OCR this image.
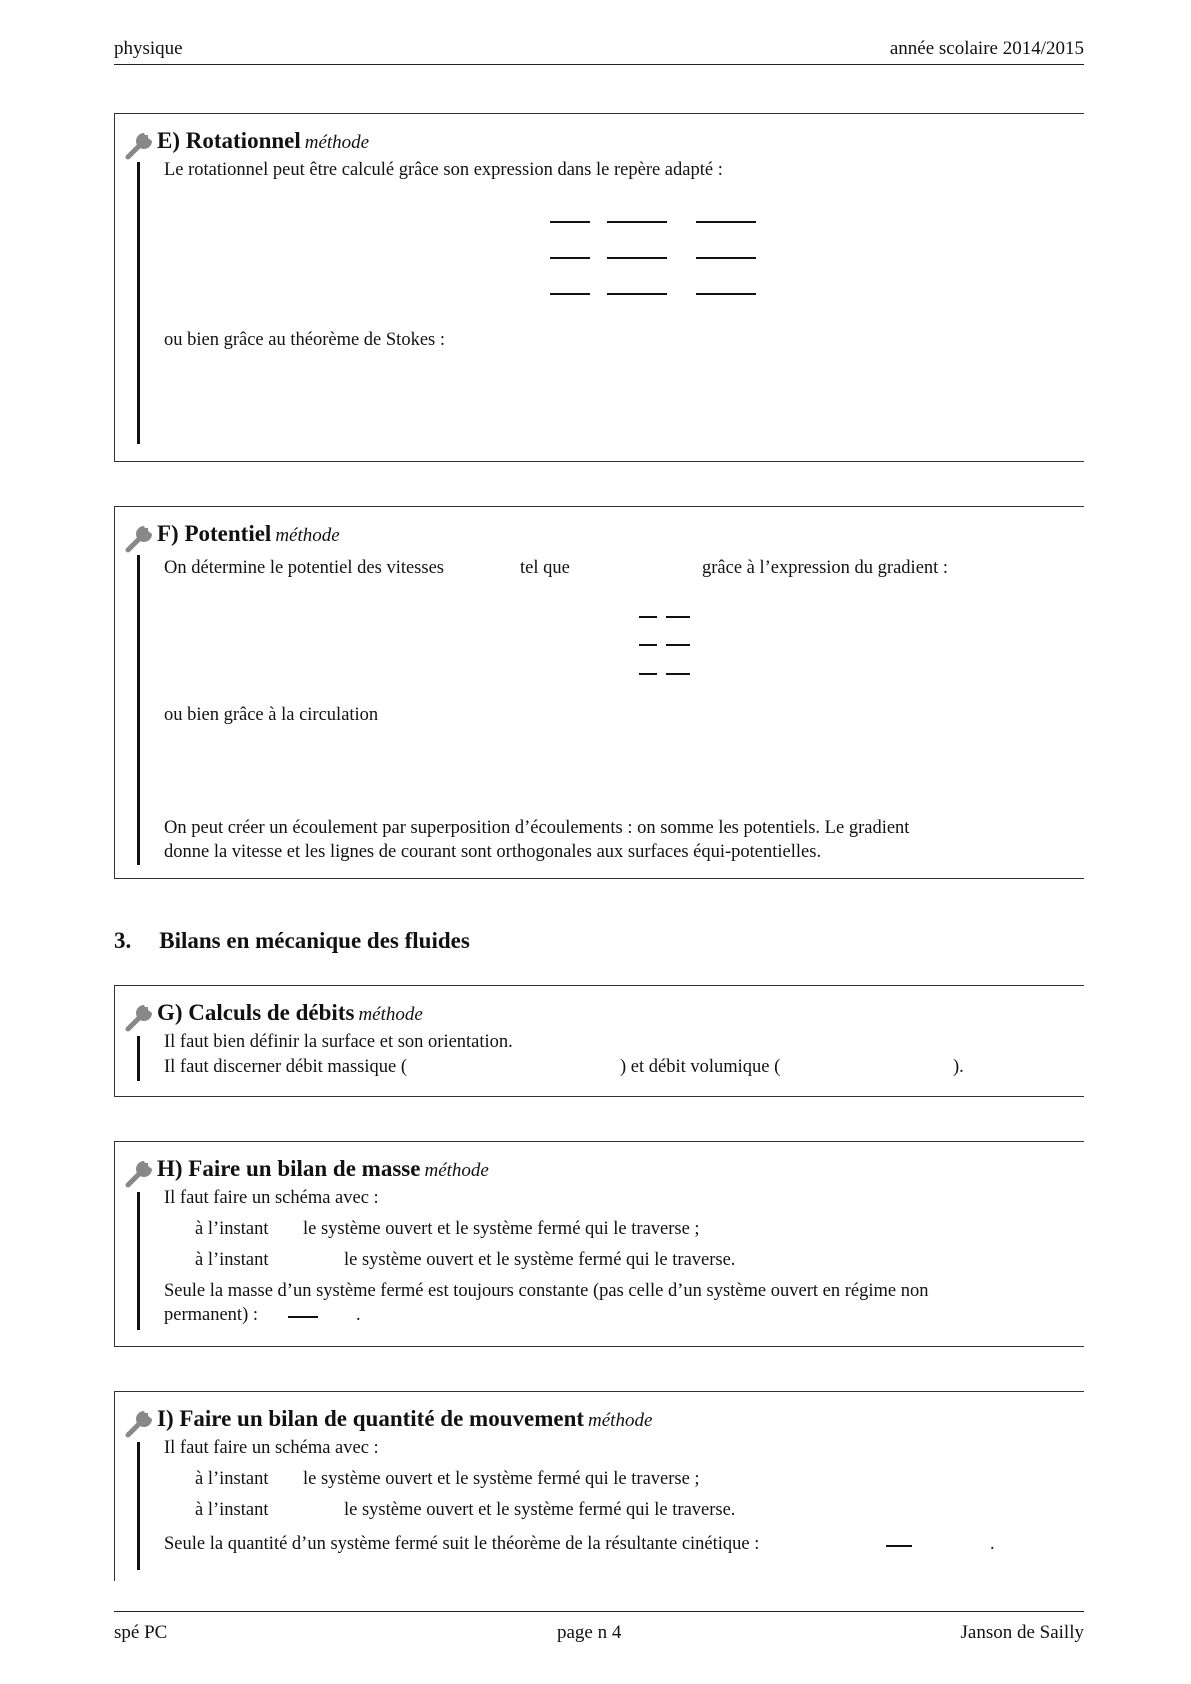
physique	année scolaire 2014/2015
E) Rotationnel méthode
Le rotationnel peut être calculé grâce son expression dans le repère adapté :
ou bien grâce au théorème de Stokes :
F) Potentiel méthode
On détermine le potentiel des vitesses	tel que	grâce à l’expression du gradient :
ou bien grâce à la circulation
On peut créer un écoulement par superposition d’écoulements : on somme les potentiels. Le gradient
donne la vitesse et les lignes de courant sont orthogonales aux surfaces équi-potentielles.
3. Bilans en mécanique des fluides
G) Calculs de débits méthode
Il faut bien définir la surface et son orientation.
Il faut discerner débit massique (	) et débit volumique (	).
H) Faire un bilan de masse méthode
Il faut faire un schéma avec :
à l’instant le système ouvert et le système fermé qui le traverse ;
à l’instant	le système ouvert et le système fermé qui le traverse.
Seule la masse d’un système fermé est toujours constante (pas celle d’un système ouvert en régime non
permanent) :	.
I) Faire un bilan de quantité de mouvement méthode
Il faut faire un schéma avec :
à l’instant le système ouvert et le système fermé qui le traverse ;
à l’instant	le système ouvert et le système fermé qui le traverse.
Seule la quantité d’un système fermé suit le théorème de la résultante cinétique :	.
spé PC	page n 4	Janson de Sailly
